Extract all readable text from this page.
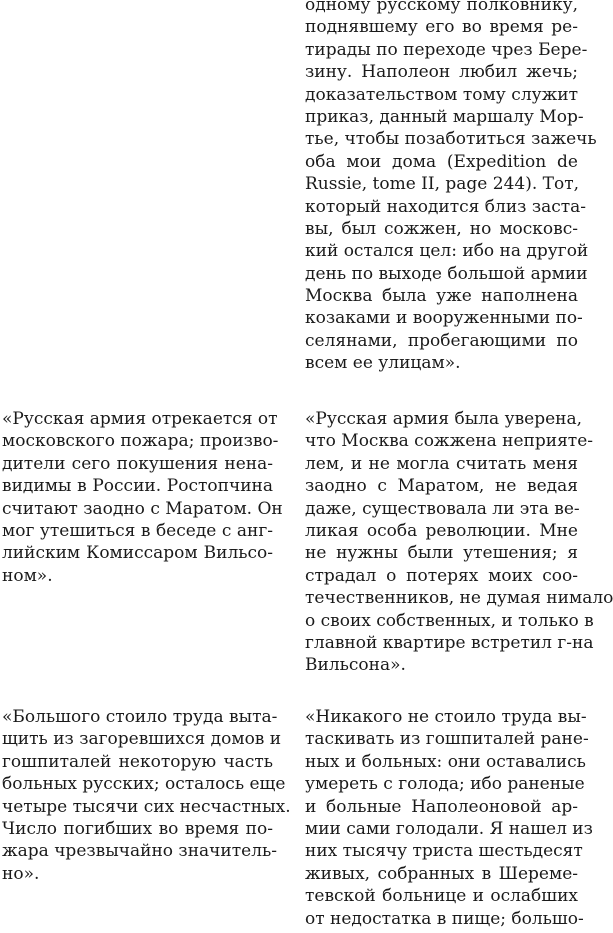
одному русскому полковнику,
поднявшему его во время ре-
тирады по переходе чрез Бере-
зину. Наполеон любил жечь;
доказательством тому служит
приказ, данный маршалу Мор-
тье, чтобы позаботиться зажечь
оба мои дома (Expedition de
Russie, tome II, page 244). Тот,
который находится близ заста-
вы, был сожжен, но московс-
кий остался цел: ибо на другой
день по выходе большой армии
Москва была уже наполнена
козаками и вооруженными по-
селянами, пробегающими по
всем ее улицам».
«Русская армия отрекается от
московского пожара; произво-
дители сего покушения нена-
видимы в России. Ростопчина
считают заодно с Маратом. Он
мог утешиться в беседе с анг-
лийским Комиссаром Вильсо-
ном».
«Русская армия была уверена,
что Москва сожжена неприяте-
лем, и не могла считать меня
заодно с Маратом, не ведая
даже, существовала ли эта ве-
ликая особа революции. Мне
не нужны были утешения; я
страдал о потерях моих соо-
течественников, не думая нимало
о своих собственных, и только в
главной квартире встретил г-на
Вильсона».
«Большого стоило труда выта-
щить из загоревшихся домов и
гошпиталей некоторую часть
больных русских; осталось еще
четыре тысячи сих несчастных.
Число погибших во время по-
жара чрезвычайно значитель-
но».
«Никакого не стоило труда вы-
таскивать из гошпиталей ране-
ных и больных: они оставались
умереть с голода; ибо раненые
и больные Наполеоновой ар-
мии сами голодали. Я нашел из
них тысячу триста шестьдесят
живых, собранных в Шереме-
тевской больнице и ослабших
от недостатка в пище; большо-
